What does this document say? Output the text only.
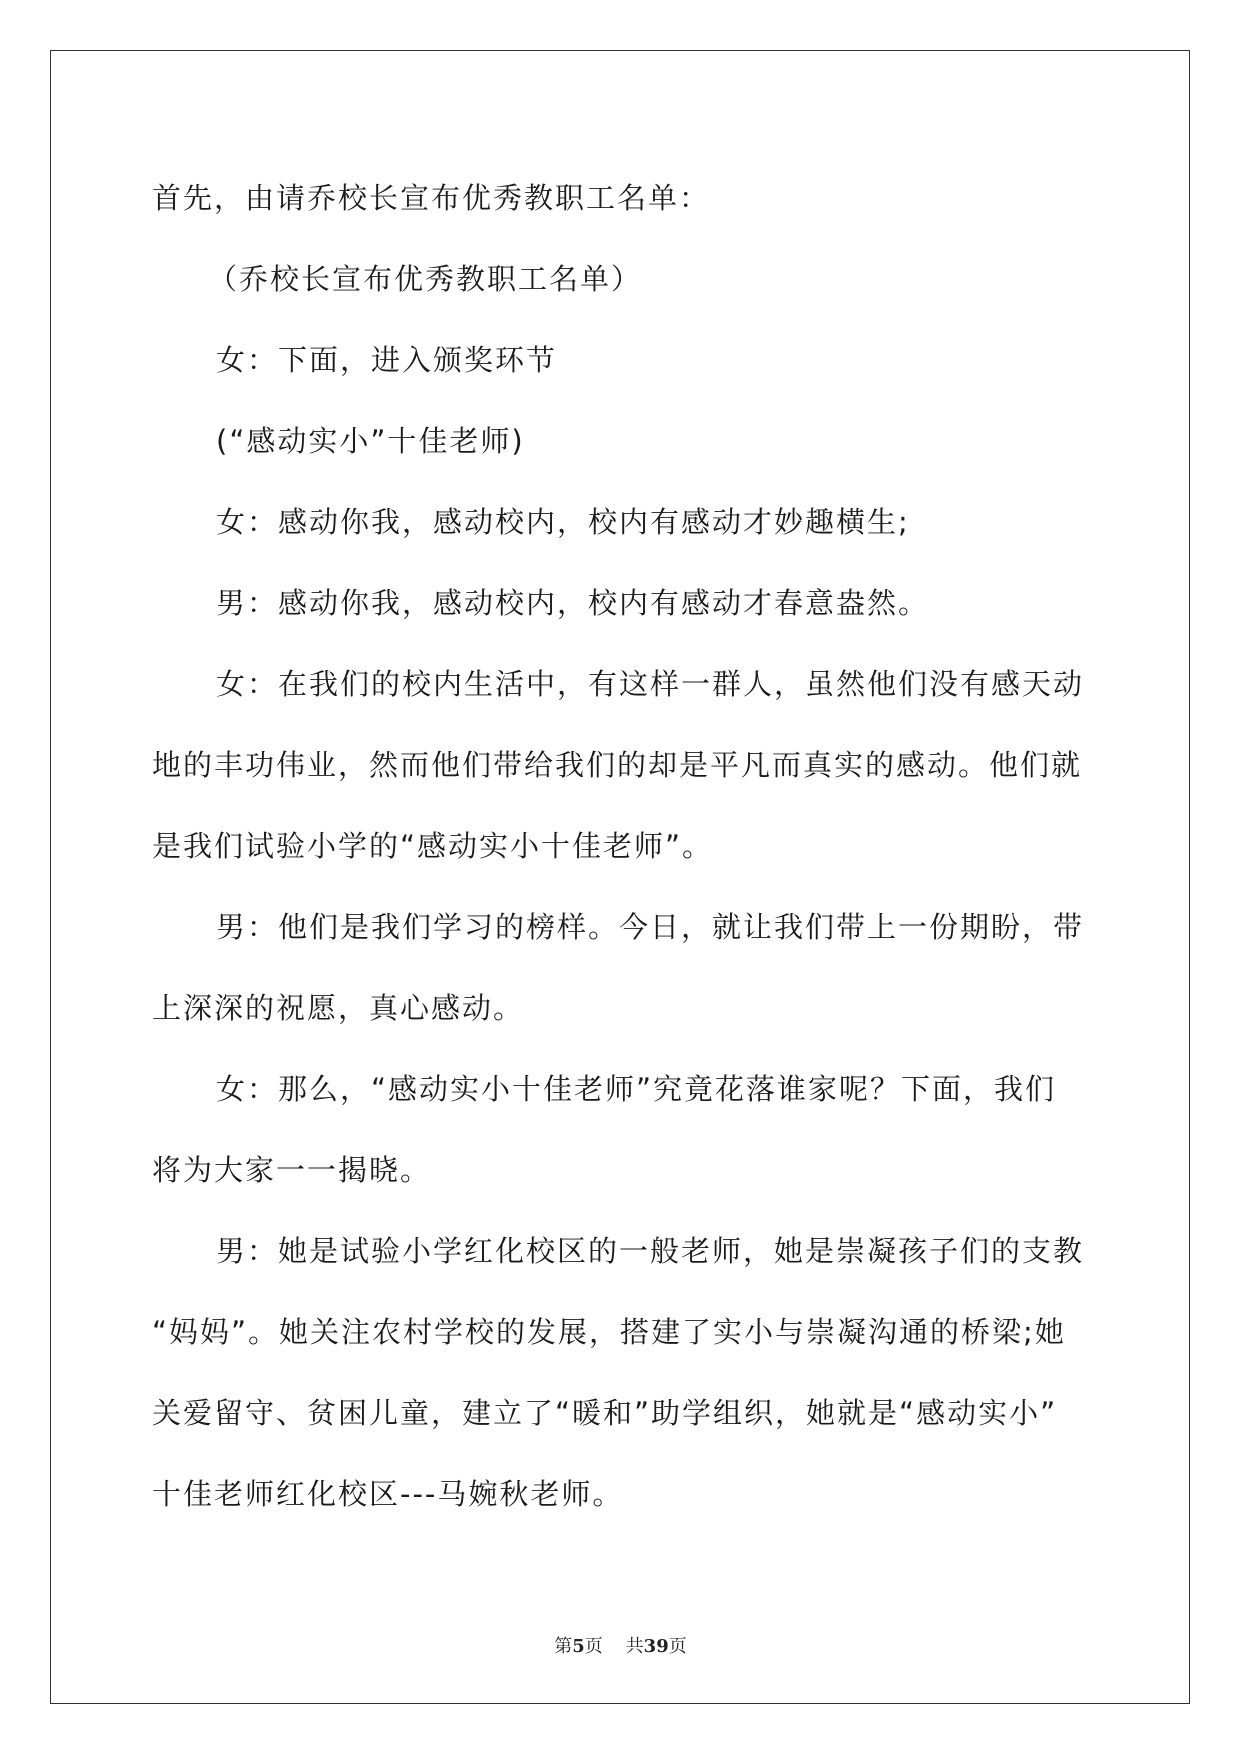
首先，由请乔校长宣布优秀教职工名单：

（乔校长宣布优秀教职工名单）

女：下面，进入颁奖环节

(“感动实小”十佳老师)

女：感动你我，感动校内，校内有感动才妙趣横生;

男：感动你我，感动校内，校内有感动才春意盎然。

女：在我们的校内生活中，有这样一群人，虽然他们没有感天动

地的丰功伟业，然而他们带给我们的却是平凡而真实的感动。他们就

是我们试验小学的“感动实小十佳老师”。

男：他们是我们学习的榜样。今日，就让我们带上一份期盼，带

上深深的祝愿，真心感动。

女：那么，“感动实小十佳老师”究竟花落谁家呢？下面，我们

将为大家一一揭晓。

男：她是试验小学红化校区的一般老师，她是崇凝孩子们的支教

“妈妈”。她关注农村学校的发展，搭建了实小与崇凝沟通的桥梁;她

关爱留守、贫困儿童，建立了“暖和”助学组织，她就是“感动实小”

十佳老师红化校区---马婉秋老师。

第5页 共39页
